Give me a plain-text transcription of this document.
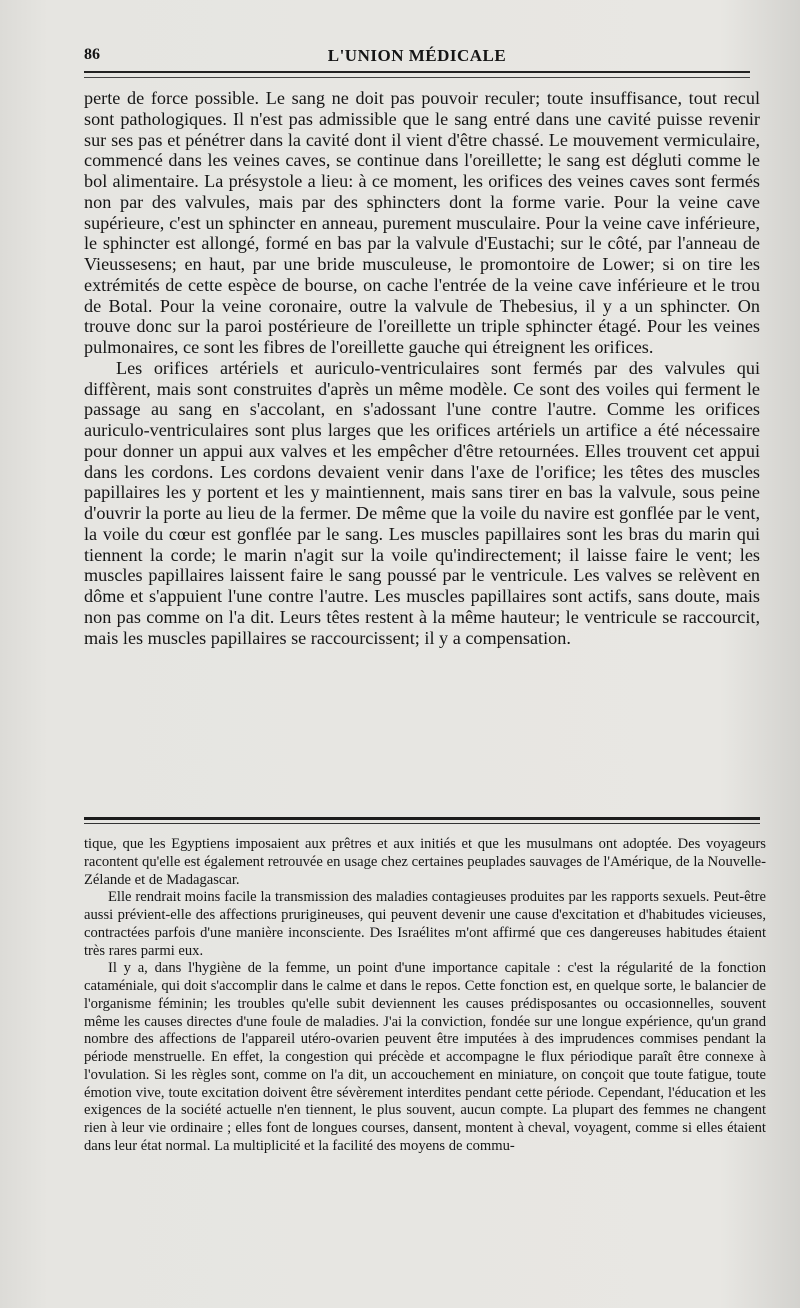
86	L'UNION MÉDICALE

perte de force possible. Le sang ne doit pas pouvoir reculer; toute insuffisance, tout recul sont pathologiques. Il n'est pas admissible que le sang entré dans une cavité puisse revenir sur ses pas et pénétrer dans la cavité dont il vient d'être chassé. Le mouvement vermiculaire, commencé dans les veines caves, se continue dans l'oreillette; le sang est dégluti comme le bol alimentaire. La présystole a lieu: à ce moment, les orifices des veines caves sont fermés non par des valvules, mais par des sphincters dont la forme varie. Pour la veine cave supérieure, c'est un sphincter en anneau, purement musculaire. Pour la veine cave inférieure, le sphincter est allongé, formé en bas par la valvule d'Eustachi; sur le côté, par l'anneau de Vieussesens; en haut, par une bride musculeuse, le promontoire de Lower; si on tire les extrémités de cette espèce de bourse, on cache l'entrée de la veine cave inférieure et le trou de Botal. Pour la veine coronaire, outre la valvule de Thebesius, il y a un sphincter. On trouve donc sur la paroi postérieure de l'oreillette un triple sphincter étagé. Pour les veines pulmonaires, ce sont les fibres de l'oreillette gauche qui étreignent les orifices.

Les orifices artériels et auriculo-ventriculaires sont fermés par des valvules qui diffèrent, mais sont construites d'après un même modèle. Ce sont des voiles qui ferment le passage au sang en s'accolant, en s'adossant l'une contre l'autre. Comme les orifices auriculo-ventriculaires sont plus larges que les orifices artériels un artifice a été nécessaire pour donner un appui aux valves et les empêcher d'être retournées. Elles trouvent cet appui dans les cordons. Les cordons devaient venir dans l'axe de l'orifice; les têtes des muscles papillaires les y portent et les y maintiennent, mais sans tirer en bas la valvule, sous peine d'ouvrir la porte au lieu de la fermer. De même que la voile du navire est gonflée par le vent, la voile du cœur est gonflée par le sang. Les muscles papillaires sont les bras du marin qui tiennent la corde; le marin n'agit sur la voile qu'indirectement; il laisse faire le vent; les muscles papillaires laissent faire le sang poussé par le ventricule. Les valves se relèvent en dôme et s'appuient l'une contre l'autre. Les muscles papillaires sont actifs, sans doute, mais non pas comme on l'a dit. Leurs têtes restent à la même hauteur; le ventricule se raccourcit, mais les muscles papillaires se raccourcissent; il y a compensation.

tique, que les Egyptiens imposaient aux prêtres et aux initiés et que les musulmans ont adoptée. Des voyageurs racontent qu'elle est également retrouvée en usage chez certaines peuplades sauvages de l'Amérique, de la Nouvelle-Zélande et de Madagascar.

Elle rendrait moins facile la transmission des maladies contagieuses produites par les rapports sexuels. Peut-être aussi prévient-elle des affections prurigineuses, qui peuvent devenir une cause d'excitation et d'habitudes vicieuses, contractées parfois d'une manière inconsciente. Des Israélites m'ont affirmé que ces dangereuses habitudes étaient très rares parmi eux.

Il y a, dans l'hygiène de la femme, un point d'une importance capitale : c'est la régularité de la fonction cataméniale, qui doit s'accomplir dans le calme et dans le repos. Cette fonction est, en quelque sorte, le balancier de l'organisme féminin; les troubles qu'elle subit deviennent les causes prédisposantes ou occasionnelles, souvent même les causes directes d'une foule de maladies. J'ai la conviction, fondée sur une longue expérience, qu'un grand nombre des affections de l'appareil utéro-ovarien peuvent être imputées à des imprudences commises pendant la période menstruelle. En effet, la congestion qui précède et accompagne le flux périodique paraît être connexe à l'ovulation. Si les règles sont, comme on l'a dit, un accouchement en miniature, on conçoit que toute fatigue, toute émotion vive, toute excitation doivent être sévèrement interdites pendant cette période. Cependant, l'éducation et les exigences de la société actuelle n'en tiennent, le plus souvent, aucun compte. La plupart des femmes ne changent rien à leur vie ordinaire ; elles font de longues courses, dansent, montent à cheval, voyagent, comme si elles étaient dans leur état normal. La multiplicité et la facilité des moyens de commu-
